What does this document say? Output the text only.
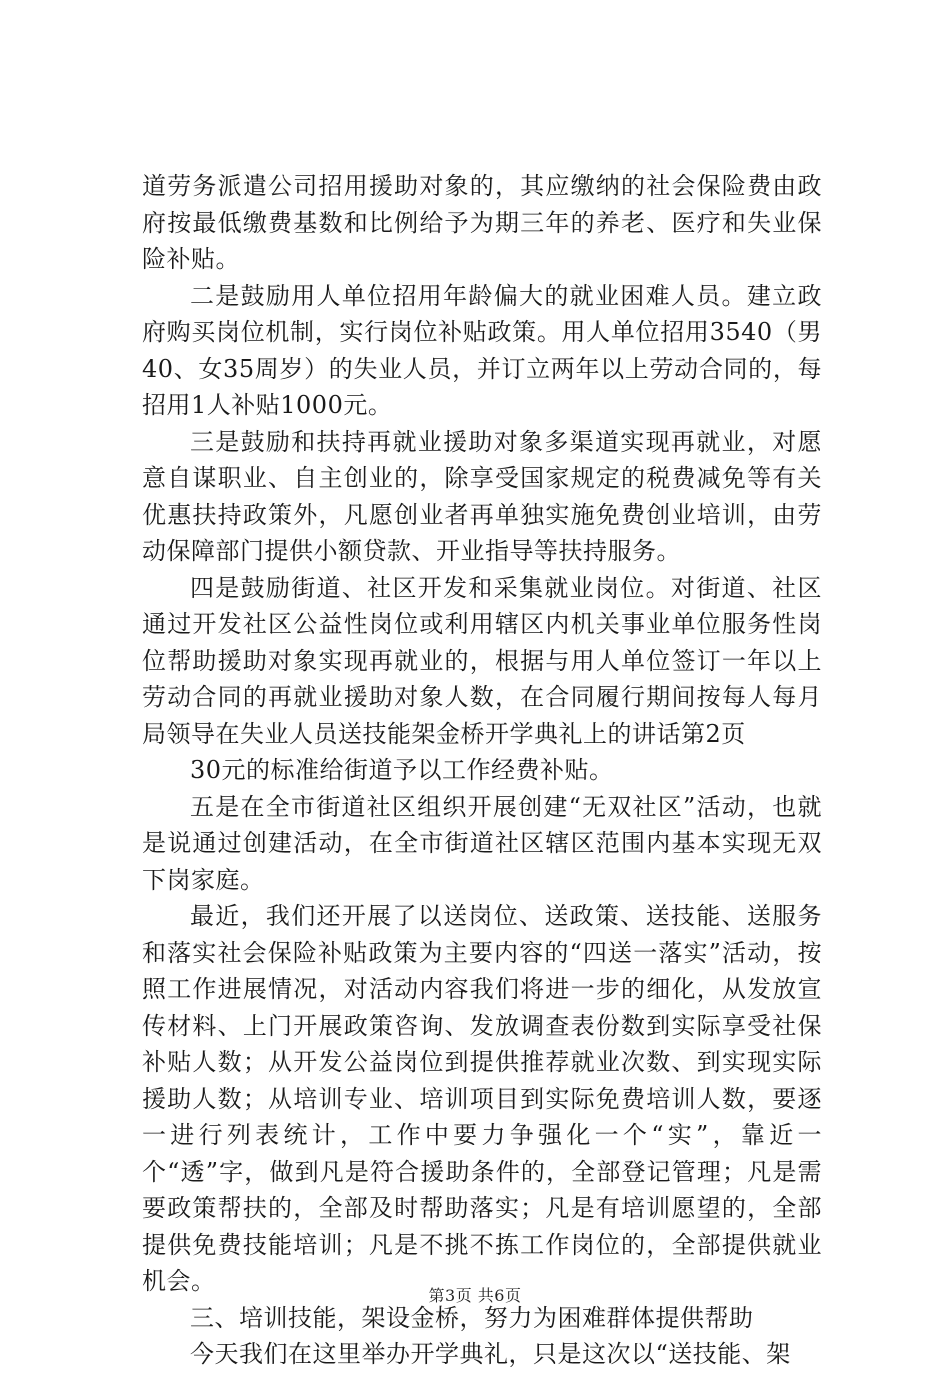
道劳务派遣公司招用援助对象的，其应缴纳的社会保险费由政府按最低缴费基数和比例给予为期三年的养老、医疗和失业保险补贴。

二是鼓励用人单位招用年龄偏大的就业困难人员。建立政府购买岗位机制，实行岗位补贴政策。用人单位招用3540（男40、女35周岁）的失业人员，并订立两年以上劳动合同的，每招用1人补贴1000元。

三是鼓励和扶持再就业援助对象多渠道实现再就业，对愿意自谋职业、自主创业的，除享受国家规定的税费减免等有关优惠扶持政策外，凡愿创业者再单独实施免费创业培训，由劳动保障部门提供小额贷款、开业指导等扶持服务。

四是鼓励街道、社区开发和采集就业岗位。对街道、社区通过开发社区公益性岗位或利用辖区内机关事业单位服务性岗位帮助援助对象实现再就业的，根据与用人单位签订一年以上劳动合同的再就业援助对象人数，在合同履行期间按每人每月局领导在失业人员送技能架金桥开学典礼上的讲话第2页

30元的标准给街道予以工作经费补贴。

五是在全市街道社区组织开展创建“无双社区”活动，也就是说通过创建活动，在全市街道社区辖区范围内基本实现无双下岗家庭。

最近，我们还开展了以送岗位、送政策、送技能、送服务和落实社会保险补贴政策为主要内容的“四送一落实”活动，按照工作进展情况，对活动内容我们将进一步的细化，从发放宣传材料、上门开展政策咨询、发放调查表份数到实际享受社保补贴人数；从开发公益岗位到提供推荐就业次数、到实现实际援助人数；从培训专业、培训项目到实际免费培训人数，要逐一进行列表统计，工作中要力争强化一个“实”，靠近一个“透”字，做到凡是符合援助条件的，全部登记管理；凡是需要政策帮扶的，全部及时帮助落实；凡是有培训愿望的，全部提供免费技能培训；凡是不挑不拣工作岗位的，全部提供就业机会。

三、培训技能，架设金桥，努力为困难群体提供帮助

今天我们在这里举办开学典礼，只是这次以“送技能、架

第3页 共6页
